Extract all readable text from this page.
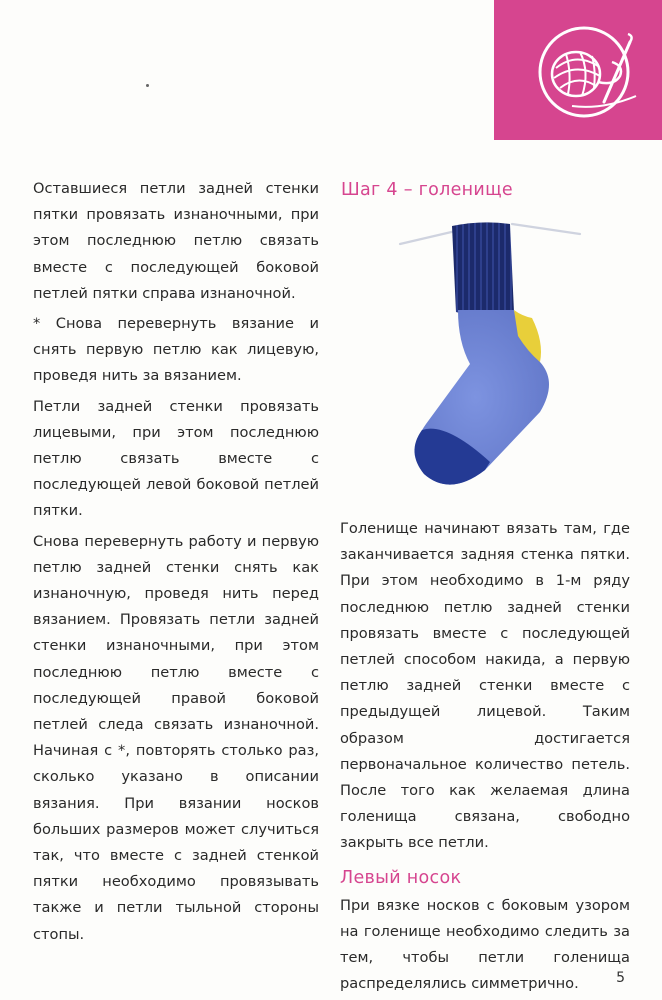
Оставшиеся петли задней стенки пятки провязать изнаночными, при этом последнюю петлю связать вместе с последующей боковой петлей пятки справа изнаночной.

* Снова перевернуть вязание и снять первую петлю как лицевую, проведя нить за вязанием.

Петли задней стенки провязать лицевыми, при этом последнюю петлю связать вместе с последующей левой боковой петлей пятки.

Снова перевернуть работу и первую петлю задней стенки снять как изнаночную, проведя нить перед вязанием. Провязать петли задней стенки изнаночными, при этом последнюю петлю вместе с последующей правой боковой петлей следа связать изнаночной. Начиная с *, повторять столько раз, сколько указано в описании вязания. При вязании носков больших размеров может случиться так, что вместе с задней стенкой пятки необходимо провязывать также и петли тыльной стороны стопы.

Шаг 4 – голенище

Голенище начинают вязать там, где заканчивается задняя стенка пятки. При этом необходимо в 1-м ряду последнюю петлю задней стенки провязать вместе с последующей петлей способом накида, а первую петлю задней стенки вместе с предыдущей лицевой. Таким образом достигается первоначальное количество петель. После того как желаемая длина голенища связана, свободно закрыть все петли.

Левый носок

При вязке носков с боковым узором на голенище необходимо следить за тем, чтобы петли голенища распределялись симметрично.	5
